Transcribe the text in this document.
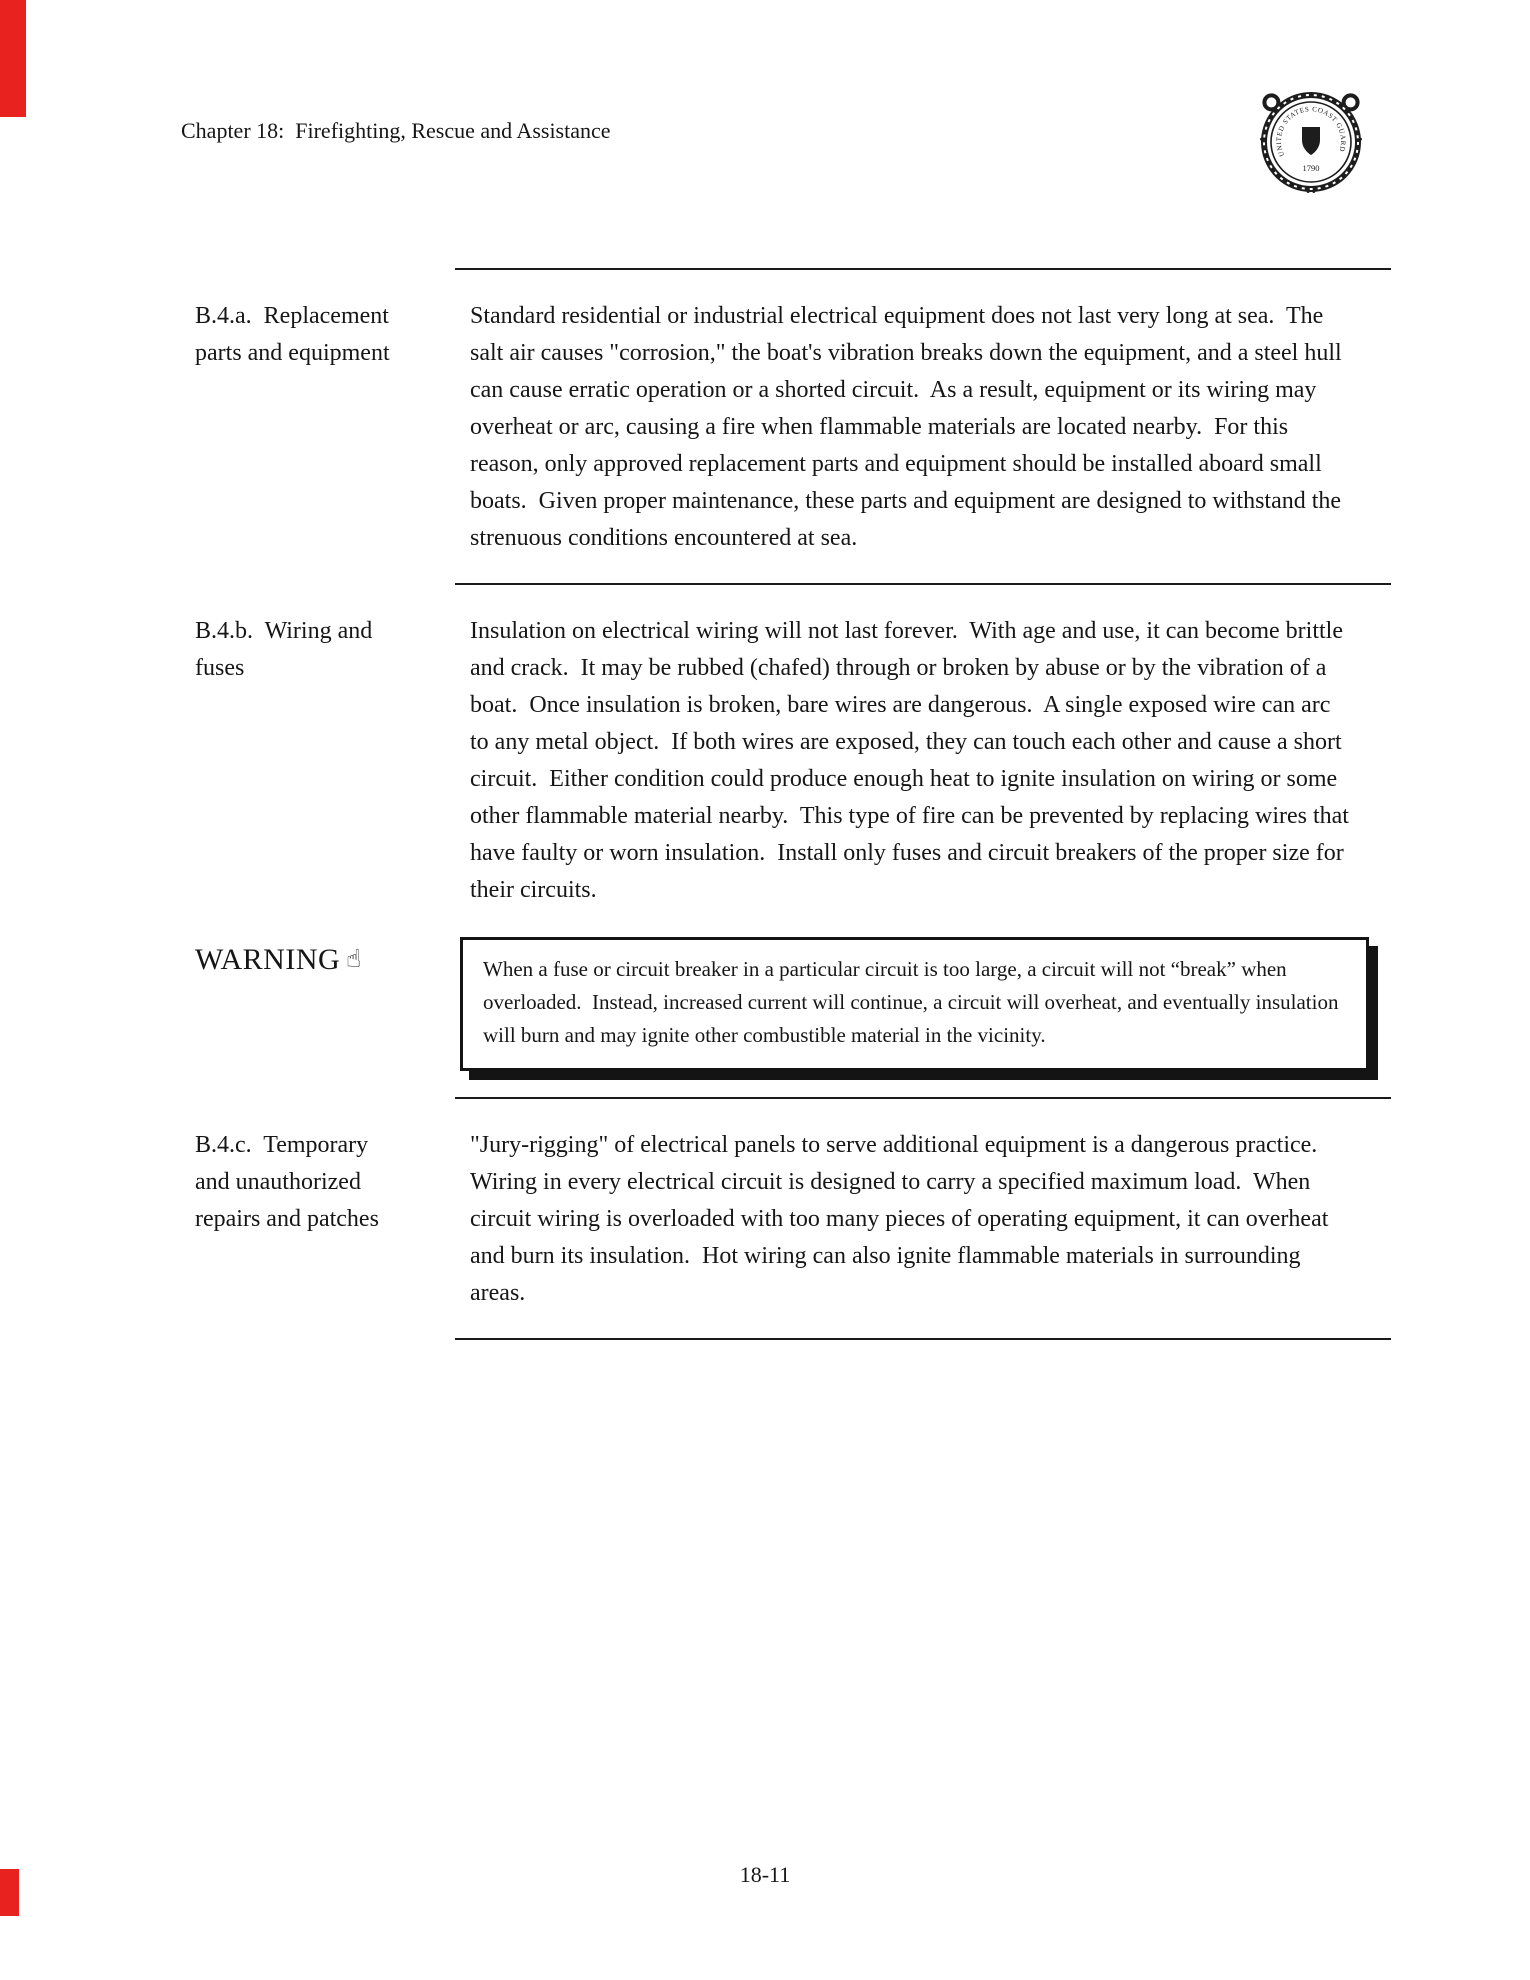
Chapter 18:  Firefighting, Rescue and Assistance
UNITED STATES COAST GUARD
1790
B.4.a.  Replacement parts and equipment
Standard residential or industrial electrical equipment does not last very long at sea.  The salt air causes "corrosion," the boat's vibration breaks down the equipment, and a steel hull can cause erratic operation or a shorted circuit.  As a result, equipment or its wiring may overheat or arc, causing a fire when flammable materials are located nearby.  For this reason, only approved replacement parts and equipment should be installed aboard small boats.  Given proper maintenance, these parts and equipment are designed to withstand the strenuous conditions encountered at sea.
B.4.b.  Wiring and fuses
Insulation on electrical wiring will not last forever.  With age and use, it can become brittle and crack.  It may be rubbed (chafed) through or broken by abuse or by the vibration of a  boat.  Once insulation is broken, bare wires are dangerous.  A single exposed wire can arc to any metal object.  If both wires are exposed, they can touch each other and cause a short circuit.  Either condition could produce enough heat to ignite insulation on wiring or some other flammable material nearby.  This type of fire can be prevented by replacing wires that have faulty or worn insulation.  Install only fuses and circuit breakers of the proper size for their circuits.
WARNING ☝	When a fuse or circuit breaker in a particular circuit is too large, a circuit will not “break” when overloaded.  Instead, increased current will continue, a circuit will overheat, and eventually insulation will burn and may ignite other combustible material in the vicinity.
B.4.c.  Temporary and unauthorized repairs and patches
"Jury-rigging" of electrical panels to serve additional equipment is a dangerous practice.  Wiring in every electrical circuit is designed to carry a specified maximum load.  When circuit wiring is overloaded with too many pieces of operating equipment, it can overheat and burn its insulation.  Hot wiring can also ignite flammable materials in surrounding areas.
18-11
